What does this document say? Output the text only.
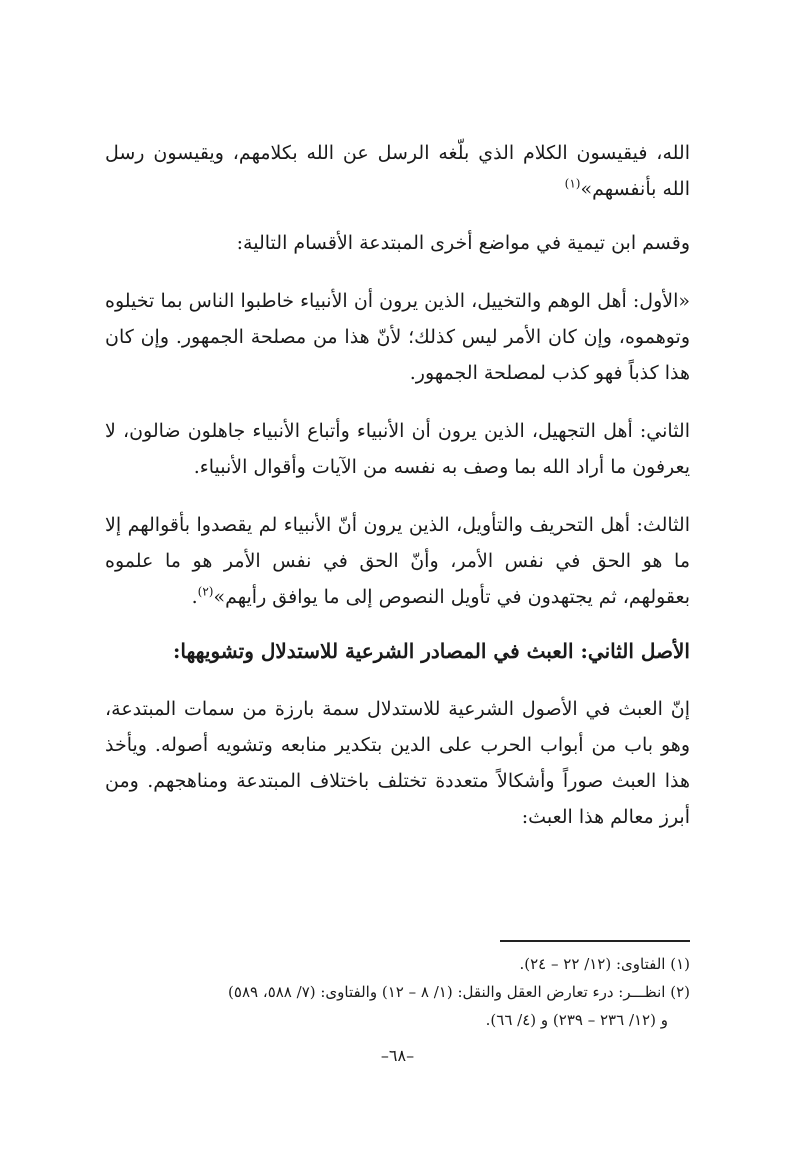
الله، فيقيسون الكلام الذي بلّغه الرسل عن الله بكلامهم، ويقيسون رسل الله بأنفسهم»$^{(١)}$

وقسم ابن تيمية في مواضع أخرى المبتدعة الأقسام التالية:

«الأول: أهل الوهم والتخييل، الذين يرون أن الأنبياء خاطبوا الناس بما تخيلوه وتوهموه، وإن كان الأمر ليس كذلك؛ لأنّ هذا من مصلحة الجمهور. وإن كان هذا كذباً فهو كذب لمصلحة الجمهور.

الثاني: أهل التجهيل، الذين يرون أن الأنبياء وأتباع الأنبياء جاهلون ضالون، لا يعرفون ما أراد الله بما وصف به نفسه من الآيات وأقوال الأنبياء.

الثالث: أهل التحريف والتأويل، الذين يرون أنّ الأنبياء لم يقصدوا بأقوالهم إلا ما هو الحق في نفس الأمر، وأنّ الحق في نفس الأمر هو ما علموه بعقولهم، ثم يجتهدون في تأويل النصوص إلى ما يوافق رأيهم»$^{(٢)}$.

الأصل الثاني: العبث في المصادر الشرعية للاستدلال وتشويهها:

إنّ العبث في الأصول الشرعية للاستدلال سمة بارزة من سمات المبتدعة، وهو باب من أبواب الحرب على الدين بتكدير منابعه وتشويه أصوله. ويأخذ هذا العبث صوراً وأشكالاً متعددة تختلف باختلاف المبتدعة ومناهجهم. ومن أبرز معالم هذا العبث:

(١) الفتاوى: (١٢/ ٢٢ – ٢٤).

(٢) انظـــر: درء تعارض العقل والنقل: (١/ ٨ – ١٢) والفتاوى: (٧/ ٥٨٨، ٥٨٩)

و (١٢/ ٢٣٦ – ٢٣٩) و (٤/ ٦٦).

–٦٨–
